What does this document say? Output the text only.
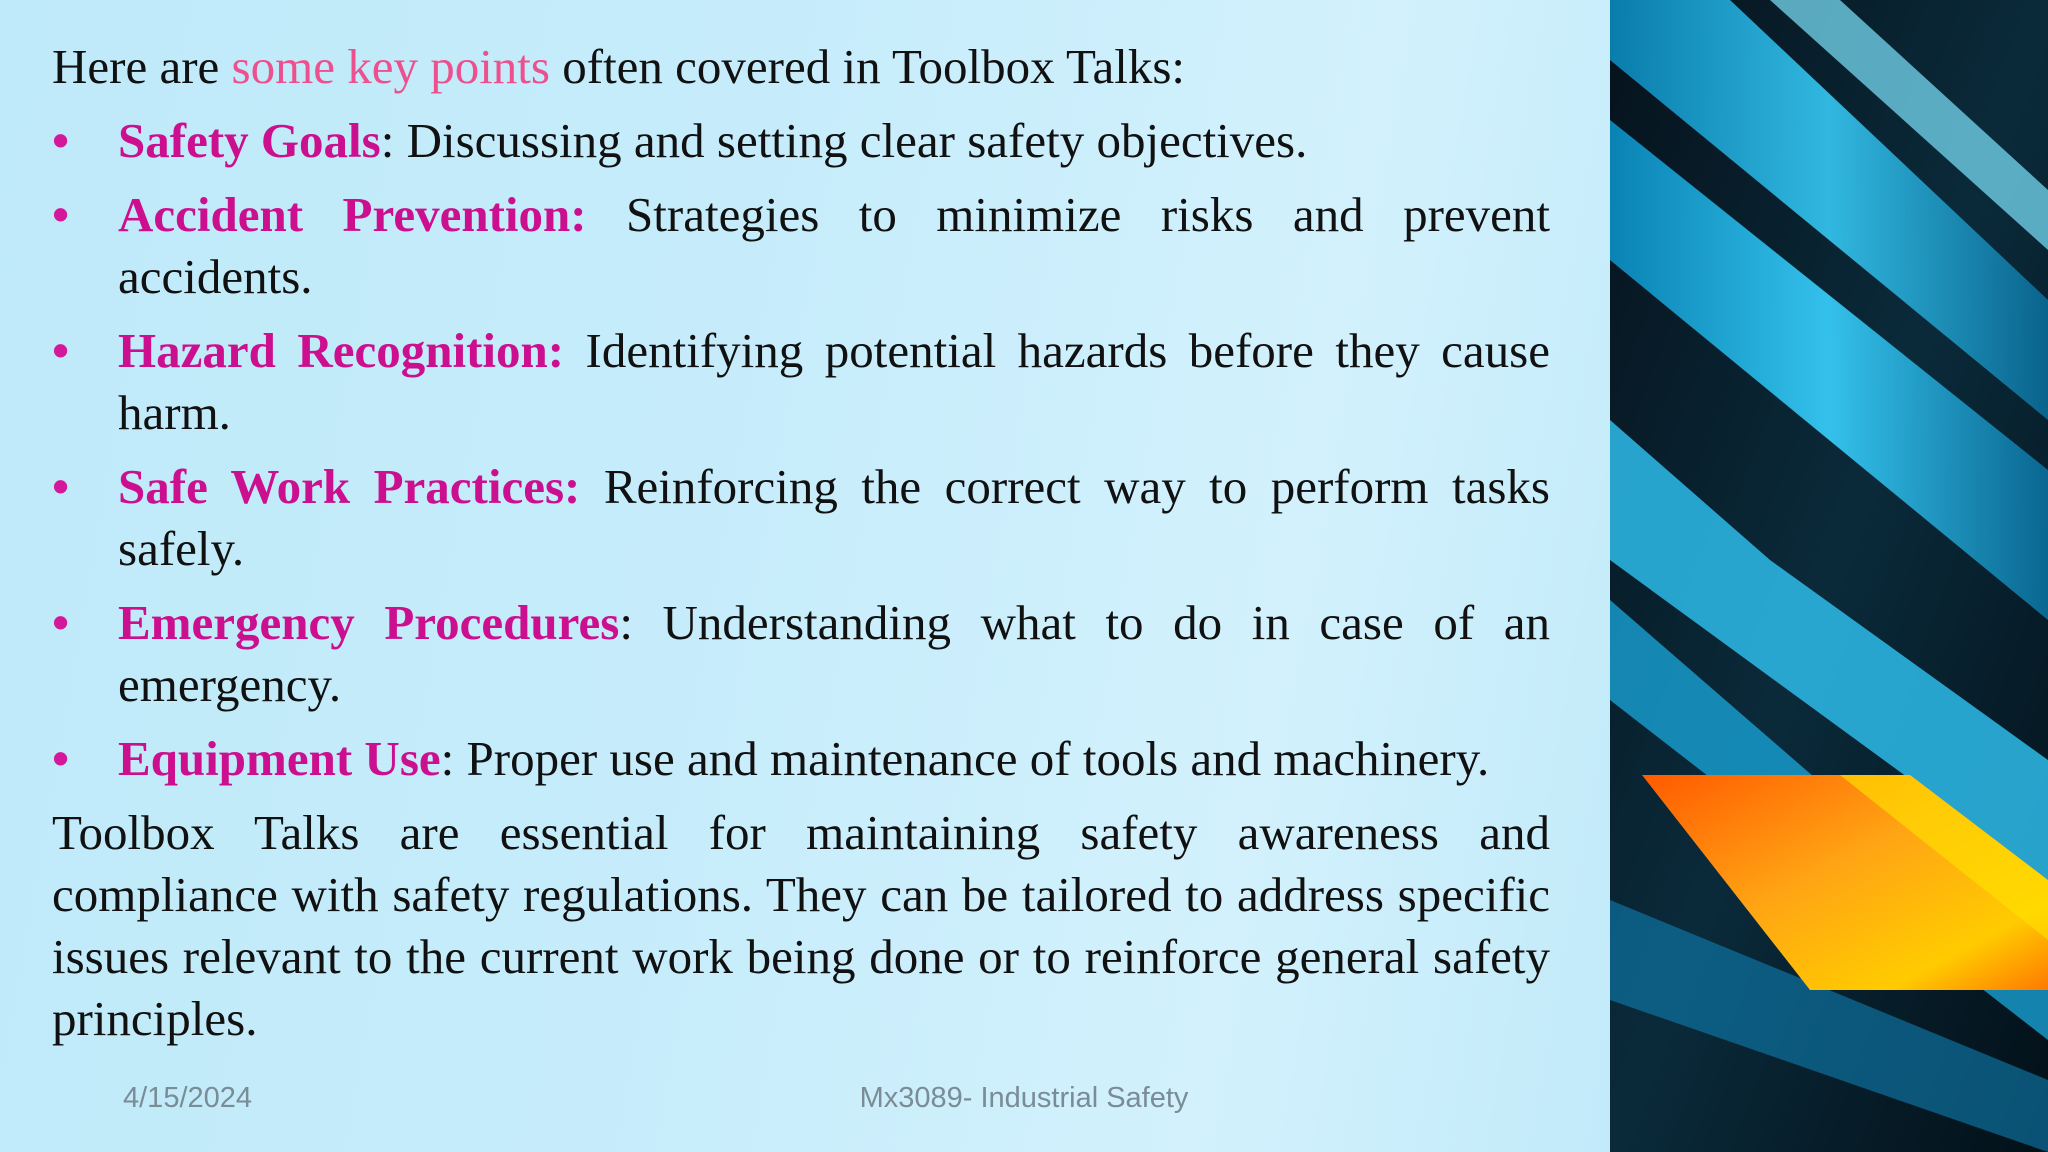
Here are some key points often covered in Toolbox Talks:

• Safety Goals: Discussing and setting clear safety objectives.
• Accident Prevention: Strategies to minimize risks and prevent accidents.
• Hazard Recognition: Identifying potential hazards before they cause harm.
• Safe Work Practices: Reinforcing the correct way to perform tasks safely.
• Emergency Procedures: Understanding what to do in case of an emergency.
• Equipment Use: Proper use and maintenance of tools and machinery.

Toolbox Talks are essential for maintaining safety awareness and compliance with safety regulations. They can be tailored to address specific issues relevant to the current work being done or to reinforce general safety principles.

4/15/2024	Mx3089- Industrial Safety
